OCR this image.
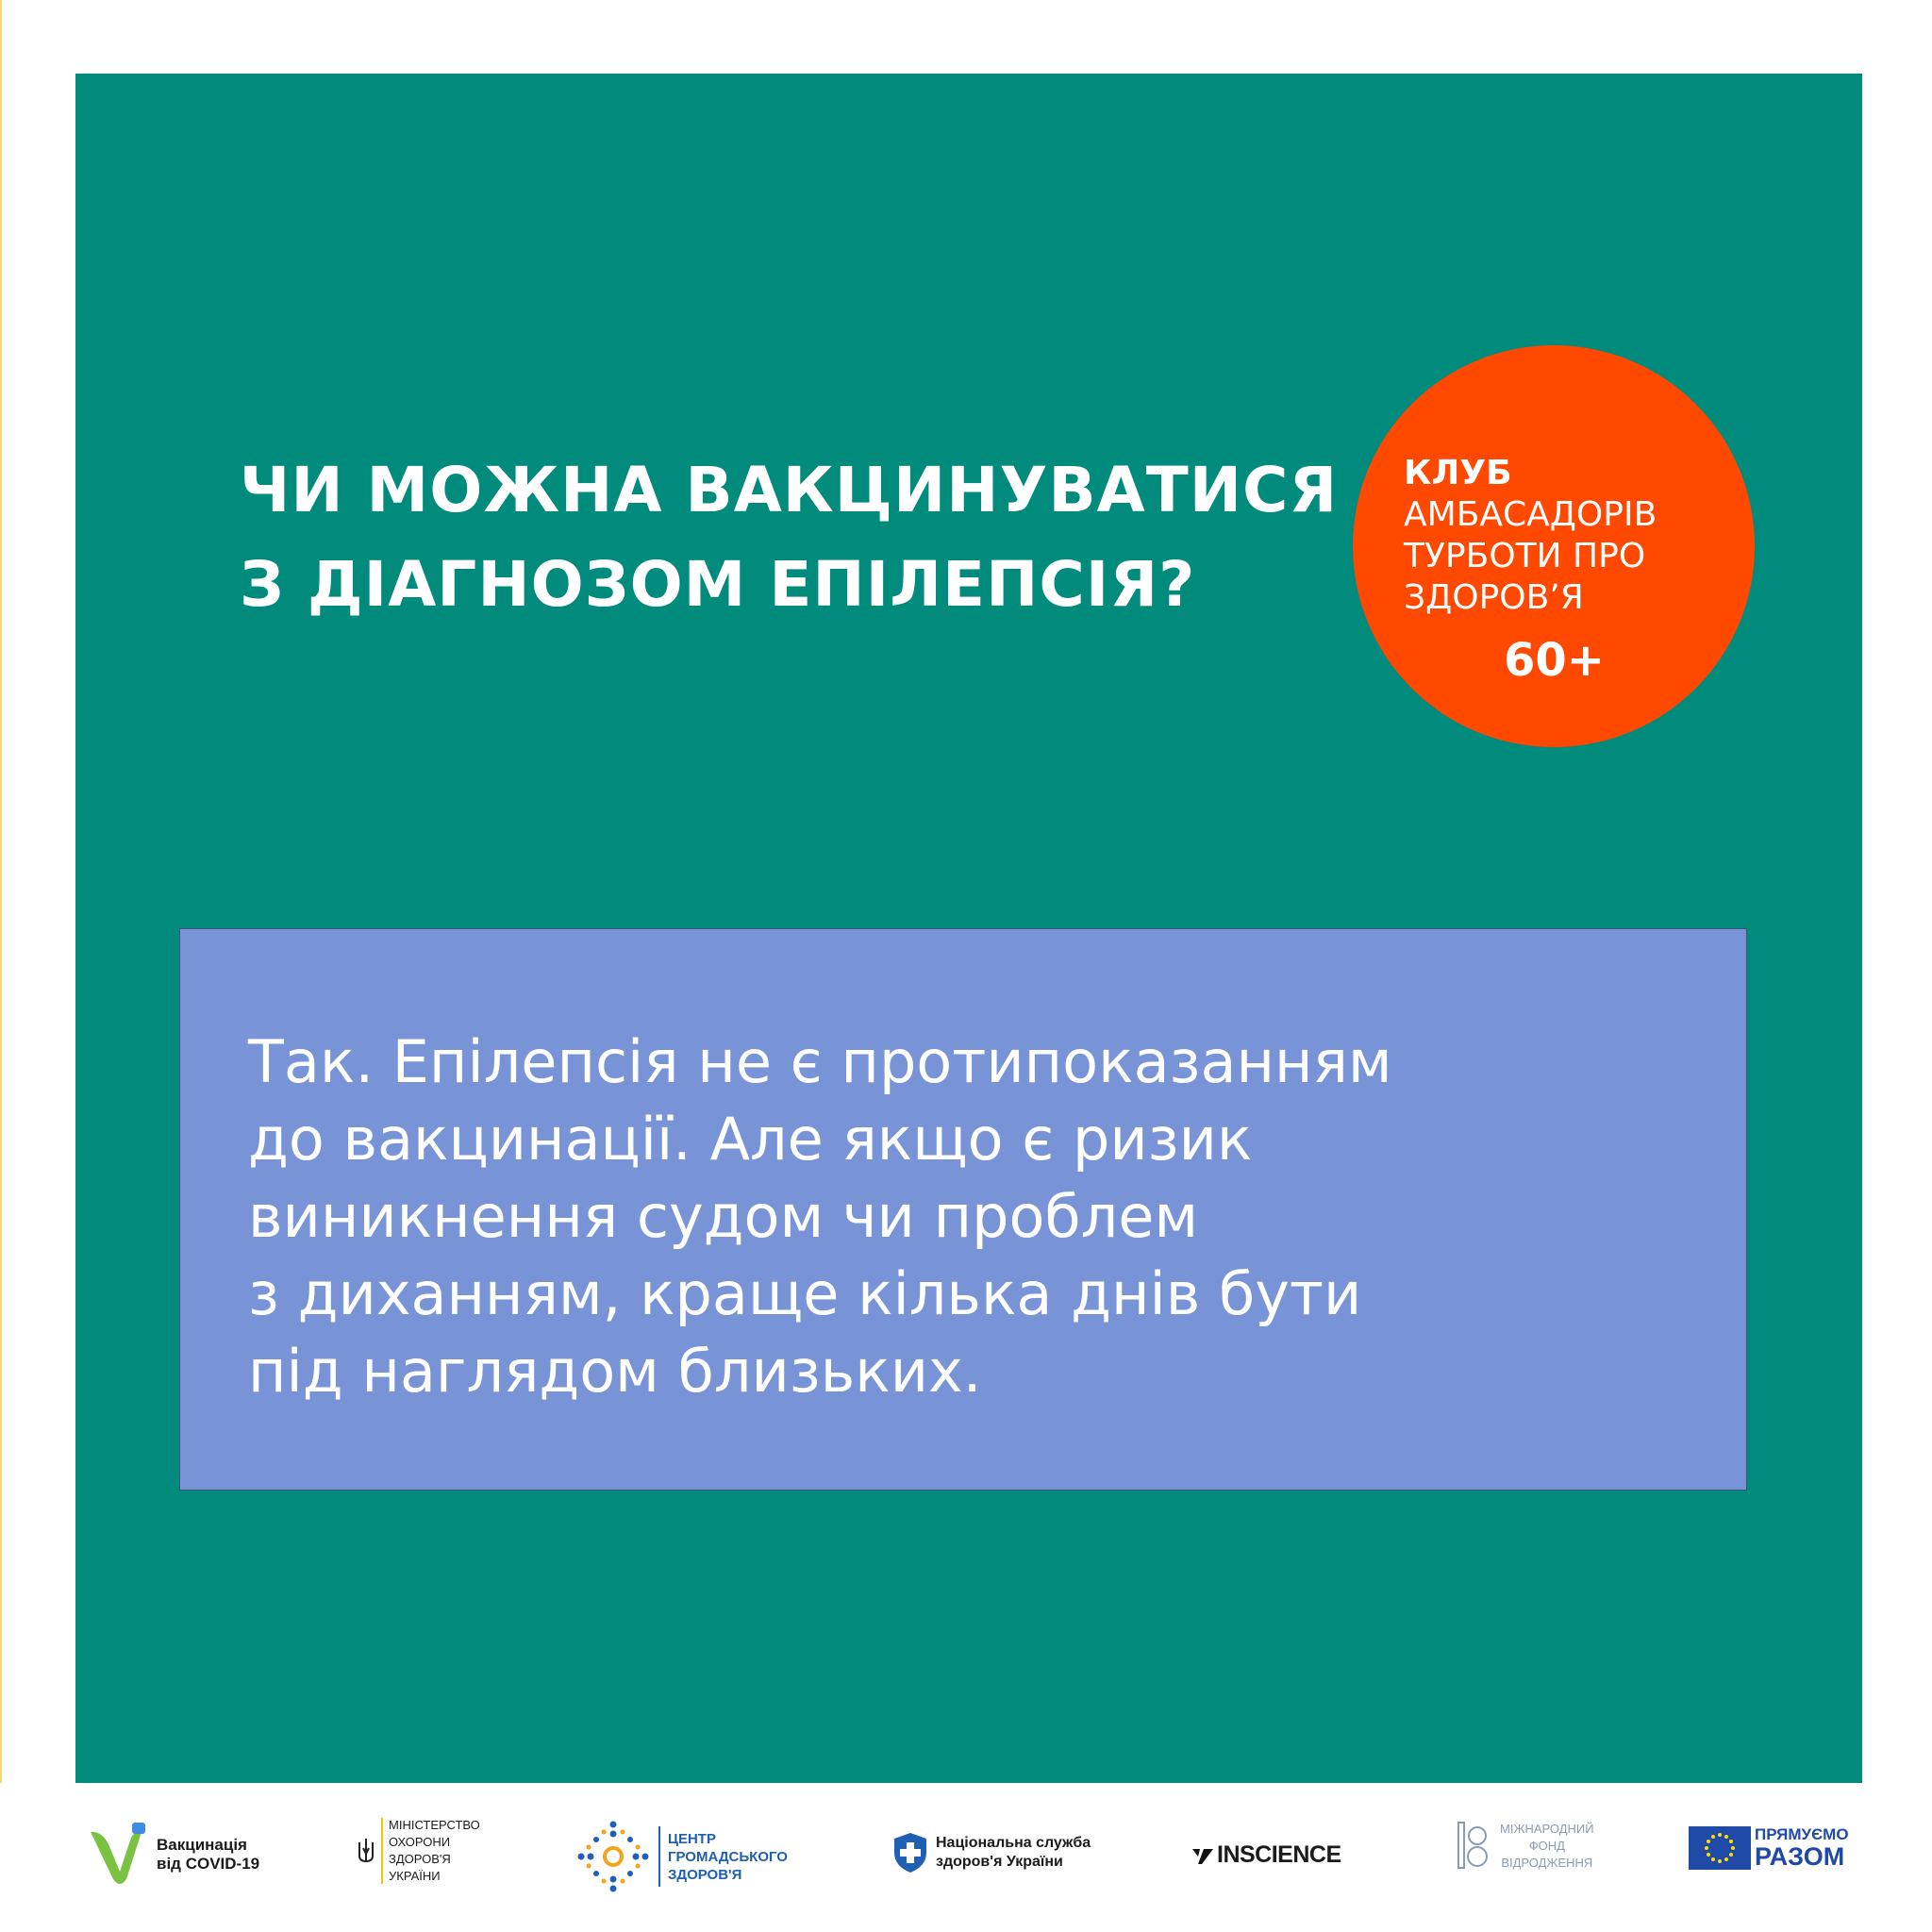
ЧИ МОЖНА ВАКЦИНУВАТИСЯ
З ДІАГНОЗОМ ЕПІЛЕПСІЯ?

КЛУБ
АМБАСАДОРІВ
ТУРБОТИ ПРО
ЗДОРОВ’Я

60+

Так. Епілепсія не є протипоказанням
до вакцинації. Але якщо є ризик
виникнення судом чи проблем
з диханням, краще кілька днів бути
під наглядом близьких.

Вакцинація
від COVID-19
МІНІСТЕРСТВО
ОХОРОНИ
ЗДОРОВ'Я
УКРАЇНИ
ЦЕНТР
ГРОМАДСЬКОГО
ЗДОРОВ'Я
Національна служба
здоров'я України	INSCIENCE
МІЖНАРОДНИЙ
ФОНД
ВІДРОДЖЕННЯ
ПРЯМУЄМО
РАЗОМ
